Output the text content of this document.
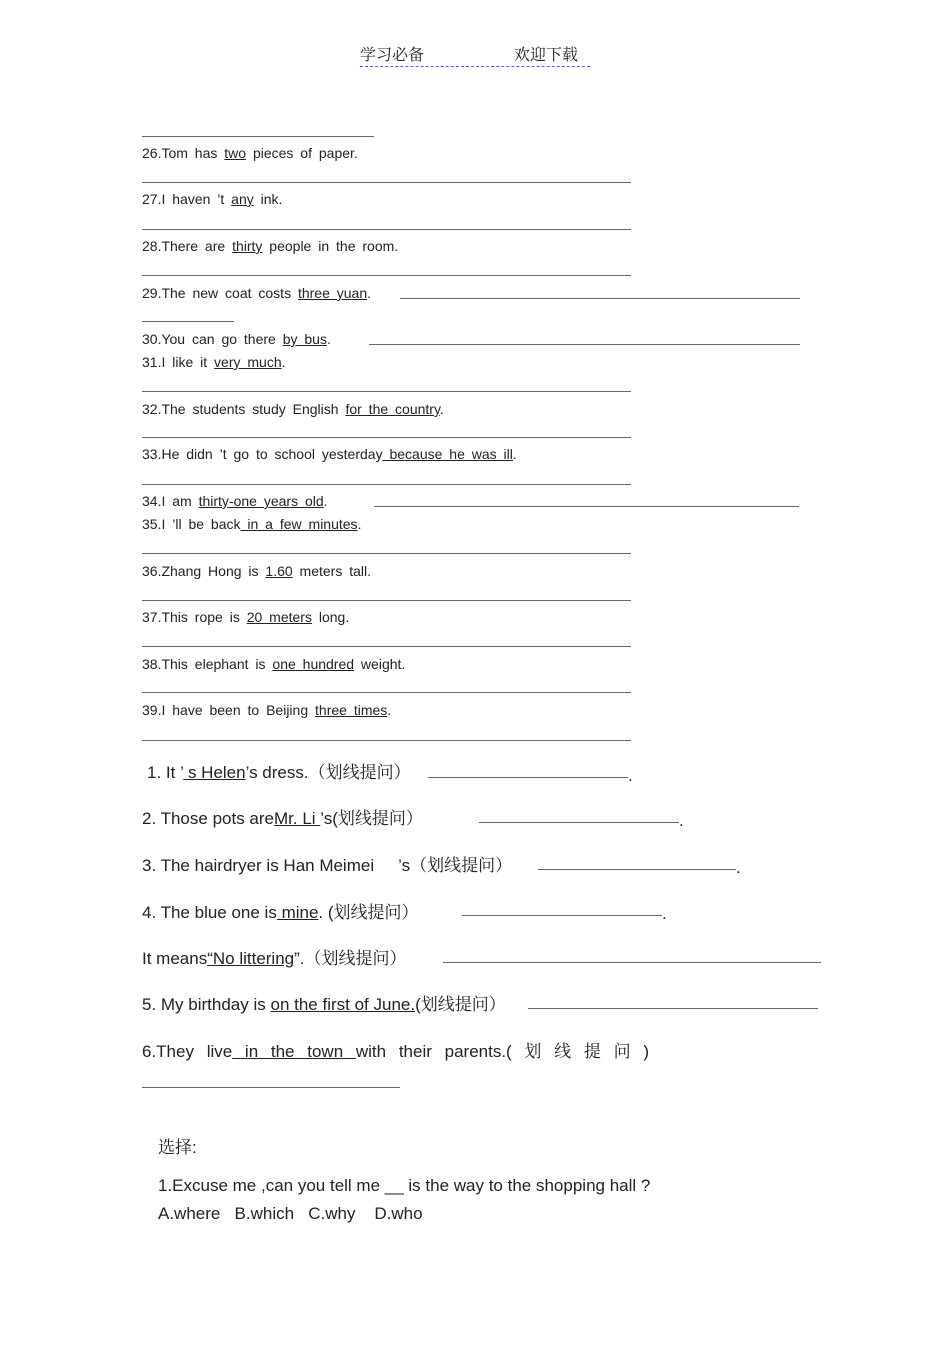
学习必备	欢迎下载
26.Tom has two pieces of paper.
27.I haven ’t any ink.
28.There are thirty people in the room.
29.The new coat costs three yuan.
30.You can go there by bus.
31.I like it very much.
32.The students study English for the country.
33.He didn ’t go to school yesterday because he was ill.
34.I am thirty-one years old.
35.I ’ll be back in a few minutes.
36.Zhang Hong is 1.60 meters tall.
37.This rope is 20 meters long.
38.This elephant is one hundred weight.
39.I have been to Beijing three times.
1. It ’ s Helen’s dress.（划线提问）	.
2. Those pots areMr. Li ’s(划线提问）	.
3. The hairdryer is Han Meimei ’s（划线提问）	.
4. The blue one is mine. (划线提问）	.
It means“No littering”.（划线提问）
5. My birthday is on the first of June.(划线提问）
6.They live in the town with their parents.( 划 线 提 问 )
选择:
1.Excuse me ,can you tell me __ is the way to the shopping hall ?
A.where   B.which   C.why    D.who
